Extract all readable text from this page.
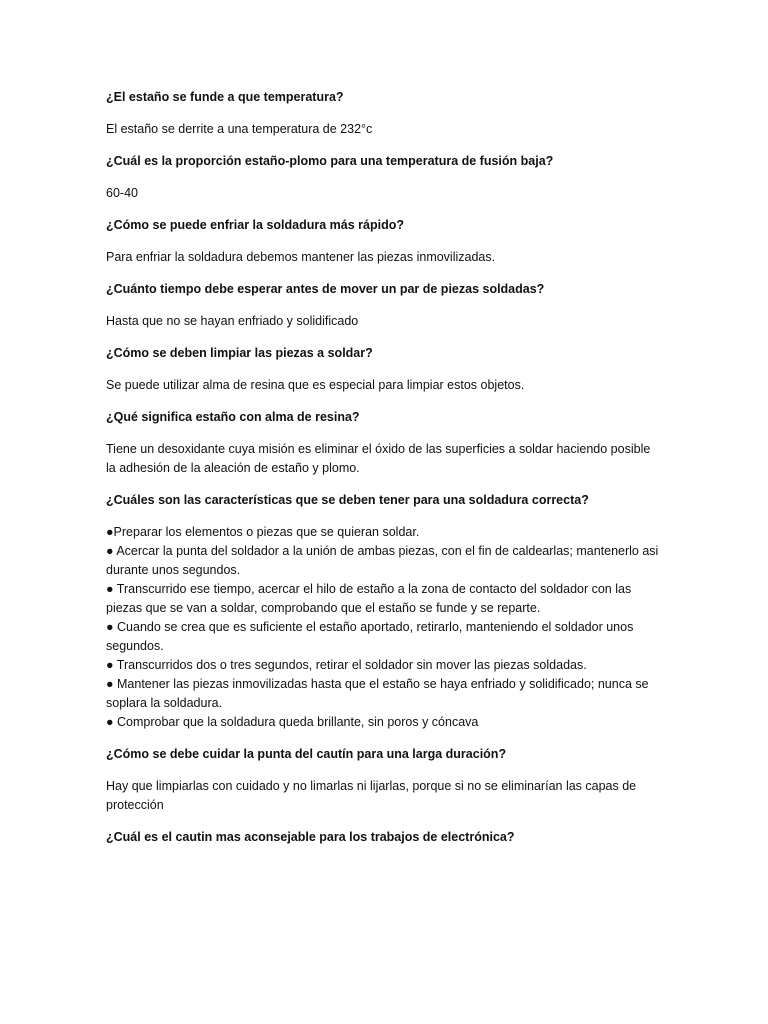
¿El estaño se funde a que temperatura?
El estaño se derrite a una temperatura de 232°c
¿Cuál es la proporción estaño-plomo para una temperatura de fusión baja?
60-40
¿Cómo se puede enfriar la soldadura más rápido?
Para enfriar la soldadura debemos mantener las piezas inmovilizadas.
¿Cuánto tiempo debe esperar antes de mover un par de piezas soldadas?
Hasta que no se hayan enfriado y solidificado
¿Cómo se deben limpiar las piezas a soldar?
Se puede utilizar alma de resina que es especial para limpiar estos objetos.
¿Qué significa estaño con alma de resina?
Tiene un desoxidante cuya misión es eliminar el óxido de las superficies a soldar haciendo posible
la adhesión de la aleación de estaño y plomo.
¿Cuáles son las características que se deben tener para una soldadura correcta?
●Preparar los elementos o piezas que se quieran soldar.
● Acercar la punta del soldador a la unión de ambas piezas, con el fin de caldearlas; mantenerlo asi
durante unos segundos.
● Transcurrido ese tiempo, acercar el hilo de estaño a la zona de contacto del soldador con las
piezas que se van a soldar, comprobando que el estaño se funde y se reparte.
● Cuando se crea que es suficiente el estaño aportado, retirarlo, manteniendo el soldador unos
segundos.
● Transcurridos dos o tres segundos, retirar el soldador sin mover las piezas soldadas.
● Mantener las piezas inmovilizadas hasta que el estaño se haya enfriado y solidificado; nunca se
soplara la soldadura.
● Comprobar que la soldadura queda brillante, sin poros y cóncava
¿Cómo se debe cuidar la punta del cautín para una larga duración?
Hay que limpiarlas con cuidado y no limarlas ni lijarlas, porque si no se eliminarían las capas de
protección
¿Cuál es el cautin mas aconsejable para los trabajos de electrónica?
